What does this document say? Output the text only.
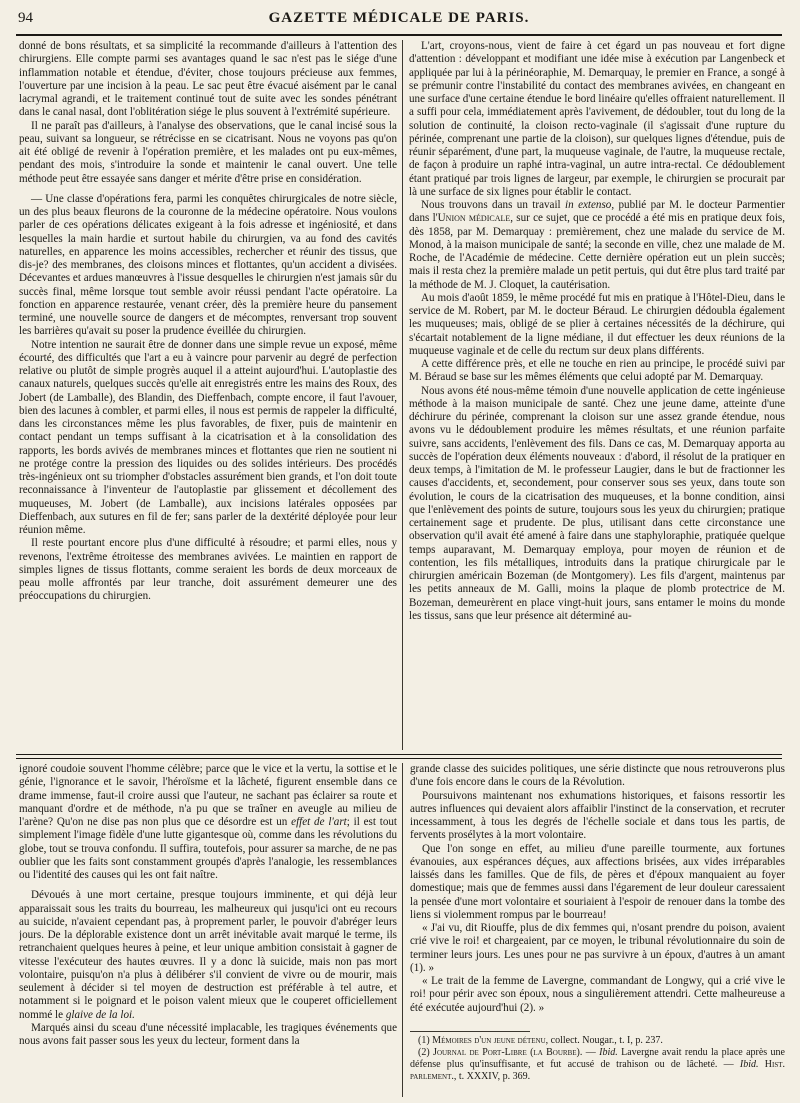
94	GAZETTE MÉDICALE DE PARIS.

donné de bons résultats, et sa simplicité la recommande d'ailleurs à l'attention des chirurgiens. Elle compte parmi ses avantages quand le sac n'est pas le siége d'une inflammation notable et étendue, d'éviter, chose toujours précieuse aux femmes, l'ouverture par une incision à la peau. Le sac peut être évacué aisément par le canal lacrymal agrandi, et le traitement continué tout de suite avec les sondes pénétrant dans le canal nasal, dont l'oblitération siége le plus souvent à l'extrémité supérieure.

Il ne paraît pas d'ailleurs, à l'analyse des observations, que le canal incisé sous la peau, suivant sa longueur, se rétrécisse en se cicatrisant. Nous ne voyons pas qu'on ait été obligé de revenir à l'opération première, et les malades ont pu eux-mêmes, pendant des mois, s'introduire la sonde et maintenir le canal ouvert. Une telle méthode peut être essayée sans danger et mérite d'être prise en considération.

— Une classe d'opérations fera, parmi les conquêtes chirurgicales de notre siècle, un des plus beaux fleurons de la couronne de la médecine opératoire. Nous voulons parler de ces opérations délicates exigeant à la fois adresse et ingéniosité, et dans lesquelles la main hardie et surtout habile du chirurgien, va au fond des cavités naturelles, en apparence les moins accessibles, rechercher et réunir des tissus, que dis-je? des membranes, des cloisons minces et flottantes, qu'un accident a divisées. Décevantes et ardues manœuvres à l'issue desquelles le chirurgien n'est jamais sûr du succès final, même lorsque tout semble avoir réussi pendant l'acte opératoire. La fonction en apparence restaurée, venant créer, dès la première heure du pansement terminé, une nouvelle source de dangers et de mécomptes, renversant trop souvent les barrières qu'avait su poser la prudence éveillée du chirurgien.

Notre intention ne saurait être de donner dans une simple revue un exposé, même écourté, des difficultés que l'art a eu à vaincre pour parvenir au degré de perfection relative ou plutôt de simple progrès auquel il a atteint aujourd'hui. L'autoplastie des canaux naturels, quelques succès qu'elle ait enregistrés entre les mains des Roux, des Jobert (de Lamballe), des Blandin, des Dieffenbach, compte encore, il faut l'avouer, bien des lacunes à combler, et parmi elles, il nous est permis de rappeler la difficulté, dans les circonstances même les plus favorables, de fixer, puis de maintenir en contact pendant un temps suffisant à la cicatrisation et à la consolidation des rapports, les bords avivés de membranes minces et flottantes que rien ne soutient ni ne protége contre la pression des liquides ou des solides intérieurs. Des procédés très-ingénieux ont su triompher d'obstacles assurément bien grands, et l'on doit toute reconnaissance à l'inventeur de l'autoplastie par glissement et décollement des muqueuses, M. Jobert (de Lamballe), aux incisions latérales opposées par Dieffenbach, aux sutures en fil de fer; sans parler de la dextérité déployée pour leur réunion même.

Il reste pourtant encore plus d'une difficulté à résoudre; et parmi elles, nous y revenons, l'extrême étroitesse des membranes avivées. Le maintien en rapport de simples lignes de tissus flottants, comme seraient les bords de deux morceaux de peau molle affrontés par leur tranche, doit assurément demeurer une des préoccupations du chirurgien.

L'art, croyons-nous, vient de faire à cet égard un pas nouveau et fort digne d'attention : développant et modifiant une idée mise à exécution par Langenbeck et appliquée par lui à la périnéoraphie, M. Demarquay, le premier en France, a songé à se prémunir contre l'instabilité du contact des membranes avivées, en changeant en une surface d'une certaine étendue le bord linéaire qu'elles offraient naturellement. Il a suffi pour cela, immédiatement après l'avivement, de dédoubler, tout du long de la solution de continuité, la cloison recto-vaginale (il s'agissait d'une rupture du périnée, comprenant une partie de la cloison), sur quelques lignes d'étendue, puis de réunir séparément, d'une part, la muqueuse vaginale, de l'autre, la muqueuse rectale, de façon à produire un raphé intra-vaginal, un autre intra-rectal. Ce dédoublement étant pratiqué par trois lignes de largeur, par exemple, le chirurgien se procurait par là une surface de six lignes pour établir le contact.

Nous trouvons dans un travail in extenso, publié par M. le docteur Parmentier dans l'Union médicale, sur ce sujet, que ce procédé a été mis en pratique deux fois, dès 1858, par M. Demarquay : premièrement, chez une malade du service de M. Monod, à la maison municipale de santé; la seconde en ville, chez une malade de M. Roche, de l'Académie de médecine. Cette dernière opération eut un plein succès; mais il resta chez la première malade un petit pertuis, qui dut être plus tard traité par la méthode de M. J. Cloquet, la cautérisation.

Au mois d'août 1859, le même procédé fut mis en pratique à l'Hôtel-Dieu, dans le service de M. Robert, par M. le docteur Béraud. Le chirurgien dédoubla également les muqueuses; mais, obligé de se plier à certaines nécessités de la déchirure, qui s'écartait notablement de la ligne médiane, il dut effectuer les deux réunions de la muqueuse vaginale et de celle du rectum sur deux plans différents.

A cette différence près, et elle ne touche en rien au principe, le procédé suivi par M. Béraud se base sur les mêmes éléments que celui adopté par M. Demarquay.

Nous avons été nous-même témoin d'une nouvelle application de cette ingénieuse méthode à la maison municipale de santé. Chez une jeune dame, atteinte d'une déchirure du périnée, comprenant la cloison sur une assez grande étendue, nous avons vu le dédoublement produire les mêmes résultats, et une réunion parfaite suivre, sans accidents, l'enlèvement des fils. Dans ce cas, M. Demarquay apporta au succès de l'opération deux éléments nouveaux : d'abord, il résolut de la pratiquer en deux temps, à l'imitation de M. le professeur Laugier, dans le but de fractionner les causes d'accidents, et, secondement, pour conserver sous ses yeux, dans toute son évolution, le cours de la cicatrisation des muqueuses, et la bonne condition, ainsi que l'enlèvement des points de suture, toujours sous les yeux du chirurgien; pratique certainement sage et prudente. De plus, utilisant dans cette circonstance une observation qu'il avait été amené à faire dans une staphyloraphie, pratiquée quelque temps auparavant, M. Demarquay employa, pour moyen de réunion et de contention, les fils métalliques, introduits dans la pratique chirurgicale par le chirurgien américain Bozeman (de Montgomery). Les fils d'argent, maintenus par les petits anneaux de M. Galli, moins la plaque de plomb protectrice de M. Bozeman, demeurèrent en place vingt-huit jours, sans entamer le moins du monde les tissus, sans que leur présence ait déterminé au-

ignoré coudoie souvent l'homme célèbre; parce que le vice et la vertu, la sottise et le génie, l'ignorance et le savoir, l'héroïsme et la lâcheté, figurent ensemble dans ce drame immense, faut-il croire aussi que l'auteur, ne sachant pas éclairer sa route et manquant d'ordre et de méthode, n'a pu que se traîner en aveugle au milieu de l'arène? Qu'on ne dise pas non plus que ce désordre est un effet de l'art; il est tout simplement l'image fidèle d'une lutte gigantesque où, comme dans les révolutions du globe, tout se trouva confondu. Il suffira, toutefois, pour assurer sa marche, de ne pas oublier que les faits sont constamment groupés d'après l'analogie, les ressemblances ou l'identité des causes qui les ont fait naître.

Dévoués à une mort certaine, presque toujours imminente, et qui déjà leur apparaissait sous les traits du bourreau, les malheureux qui jusqu'ici ont eu recours au suicide, n'avaient cependant pas, à proprement parler, le pouvoir d'abréger leurs jours. De la déplorable existence dont un arrêt inévitable avait marqué le terme, ils retranchaient quelques heures à peine, et leur unique ambition consistait à gagner de vitesse l'exécuteur des hautes œuvres. Il y a donc là suicide, mais non pas mort volontaire, puisqu'on n'a plus à délibérer s'il convient de vivre ou de mourir, mais seulement à décider si tel moyen de destruction est préférable à tel autre, et notamment si le poignard et le poison valent mieux que le couperet officiellement nommé le glaive de la loi.

Marqués ainsi du sceau d'une nécessité implacable, les tragiques événements que nous avons fait passer sous les yeux du lecteur, forment dans la

grande classe des suicides politiques, une série distincte que nous retrouverons plus d'une fois encore dans le cours de la Révolution.

Poursuivons maintenant nos exhumations historiques, et faisons ressortir les autres influences qui devaient alors affaiblir l'instinct de la conservation, et recruter incessamment, à tous les degrés de l'échelle sociale et dans tous les partis, de fervents prosélytes à la mort volontaire.

Que l'on songe en effet, au milieu d'une pareille tourmente, aux fortunes évanouies, aux espérances déçues, aux affections brisées, aux vides irréparables laissés dans les familles. Que de fils, de pères et d'époux manquaient au foyer domestique; mais que de femmes aussi dans l'égarement de leur douleur caressaient la pensée d'une mort volontaire et souriaient à l'espoir de renouer dans la tombe des liens si violemment rompus par le bourreau!

« J'ai vu, dit Riouffe, plus de dix femmes qui, n'osant prendre du poison, avaient crié vive le roi! et chargeaient, par ce moyen, le tribunal révolutionnaire du soin de terminer leurs jours. Les unes pour ne pas survivre à un époux, d'autres à un amant (1). »

« Le trait de la femme de Lavergne, commandant de Longwy, qui a crié vive le roi! pour périr avec son époux, nous a singulièrement attendri. Cette malheureuse a été exécutée aujourd'hui (2). »

(1) Mémoires d'un jeune détenu, collect. Nougar., t. I, p. 237.

(2) Journal de Port-Libre (la Bourbe). — Ibid. Lavergne avait rendu la place après une défense plus qu'insuffisante, et fut accusé de trahison ou de lâcheté. — Ibid. Hist. parlement., t. XXXIV, p. 369.
